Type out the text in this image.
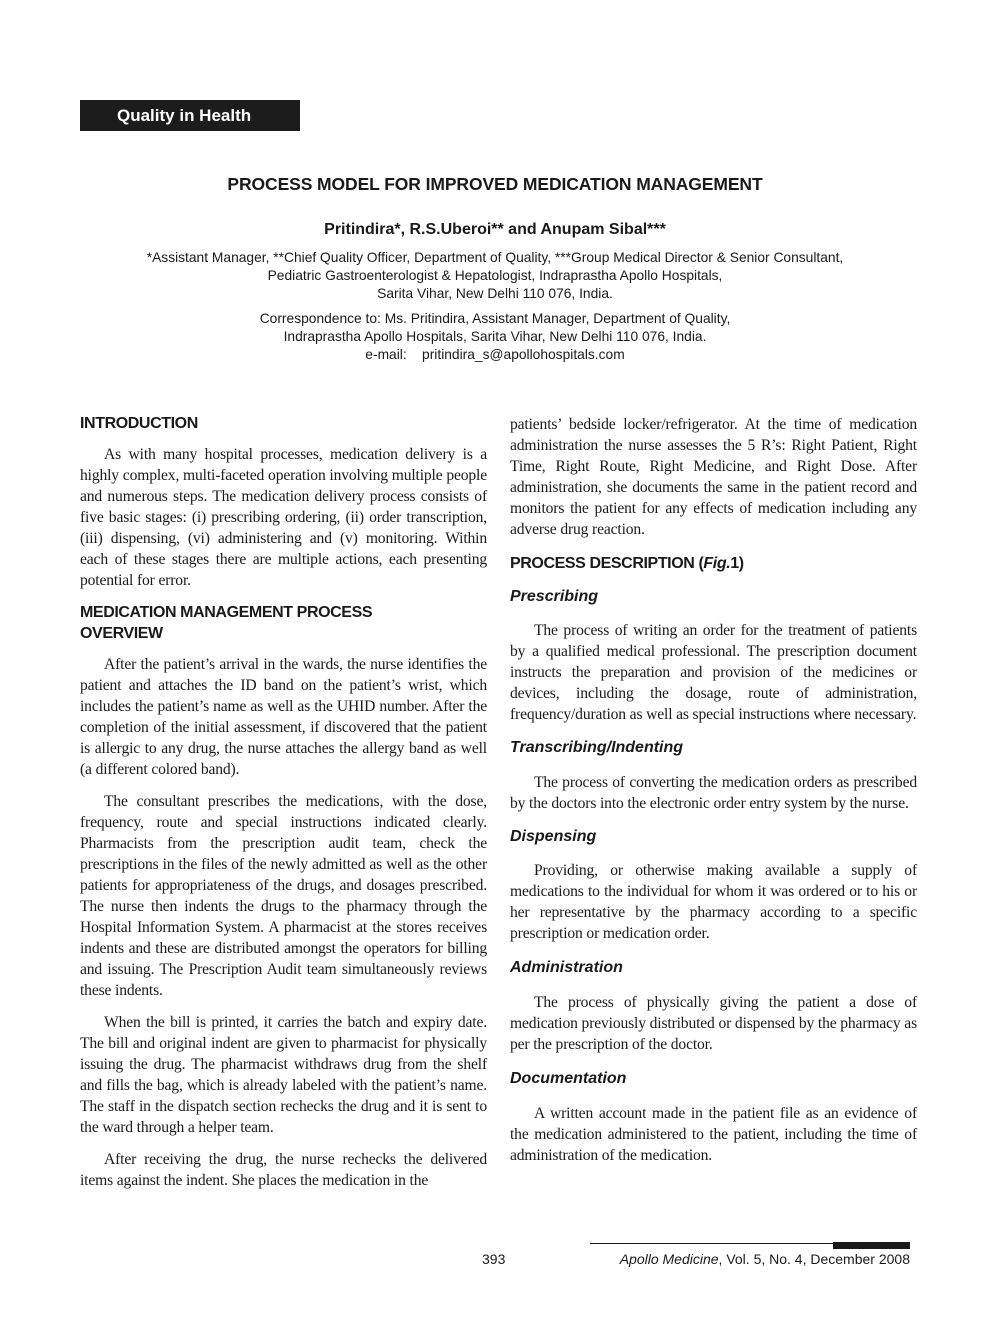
Quality in Health
PROCESS MODEL FOR IMPROVED MEDICATION MANAGEMENT
Pritindira*, R.S.Uberoi** and Anupam Sibal***
*Assistant Manager, **Chief Quality Officer, Department of Quality, ***Group Medical Director & Senior Consultant,
Pediatric Gastroenterologist & Hepatologist, Indraprastha Apollo Hospitals,
Sarita Vihar, New Delhi 110 076, India.
Correspondence to: Ms. Pritindira, Assistant Manager, Department of Quality,
Indraprastha Apollo Hospitals, Sarita Vihar, New Delhi 110 076, India.
e-mail:    pritindira_s@apollohospitals.com
INTRODUCTION

As with many hospital processes, medication delivery is a highly complex, multi-faceted operation involving multiple people and numerous steps. The medication delivery process consists of five basic stages: (i) prescribing ordering, (ii) order transcription, (iii) dispensing, (vi) administering and (v) monitoring. Within each of these stages there are multiple actions, each presenting potential for error.

MEDICATION MANAGEMENT PROCESS OVERVIEW

After the patient’s arrival in the wards, the nurse identifies the patient and attaches the ID band on the patient’s wrist, which includes the patient’s name as well as the UHID number. After the completion of the initial assessment, if discovered that the patient is allergic to any drug, the nurse attaches the allergy band as well (a different colored band).

The consultant prescribes the medications, with the dose, frequency, route and special instructions indicated clearly. Pharmacists from the prescription audit team, check the prescriptions in the files of the newly admitted as well as the other patients for appropriateness of the drugs, and dosages prescribed. The nurse then indents the drugs to the pharmacy through the Hospital Information System. A pharmacist at the stores receives indents and these are distributed amongst the operators for billing and issuing. The Prescription Audit team simultaneously reviews these indents.

When the bill is printed, it carries the batch and expiry date. The bill and original indent are given to pharmacist for physically issuing the drug. The pharmacist withdraws drug from the shelf and fills the bag, which is already labeled with the patient’s name. The staff in the dispatch section rechecks the drug and it is sent to the ward through a helper team.

After receiving the drug, the nurse rechecks the delivered items against the indent. She places the medication in the

patients’ bedside locker/refrigerator. At the time of medication administration the nurse assesses the 5 R’s: Right Patient, Right Time, Right Route, Right Medicine, and Right Dose. After administration, she documents the same in the patient record and monitors the patient for any effects of medication including any adverse drug reaction.

PROCESS DESCRIPTION (Fig.1)
Prescribing

The process of writing an order for the treatment of patients by a qualified medical professional. The prescription document instructs the preparation and provision of the medicines or devices, including the dosage, route of administration, frequency/duration as well as special instructions where necessary.

Transcribing/Indenting

The process of converting the medication orders as prescribed by the doctors into the electronic order entry system by the nurse.

Dispensing

Providing, or otherwise making available a supply of medications to the individual for whom it was ordered or to his or her representative by the pharmacy according to a specific prescription or medication order.

Administration

The process of physically giving the patient a dose of medication previously distributed or dispensed by the pharmacy as per the prescription of the doctor.

Documentation

A written account made in the patient file as an evidence of the medication administered to the patient, including the time of administration of the medication.

393	Apollo Medicine, Vol. 5, No. 4, December 2008
